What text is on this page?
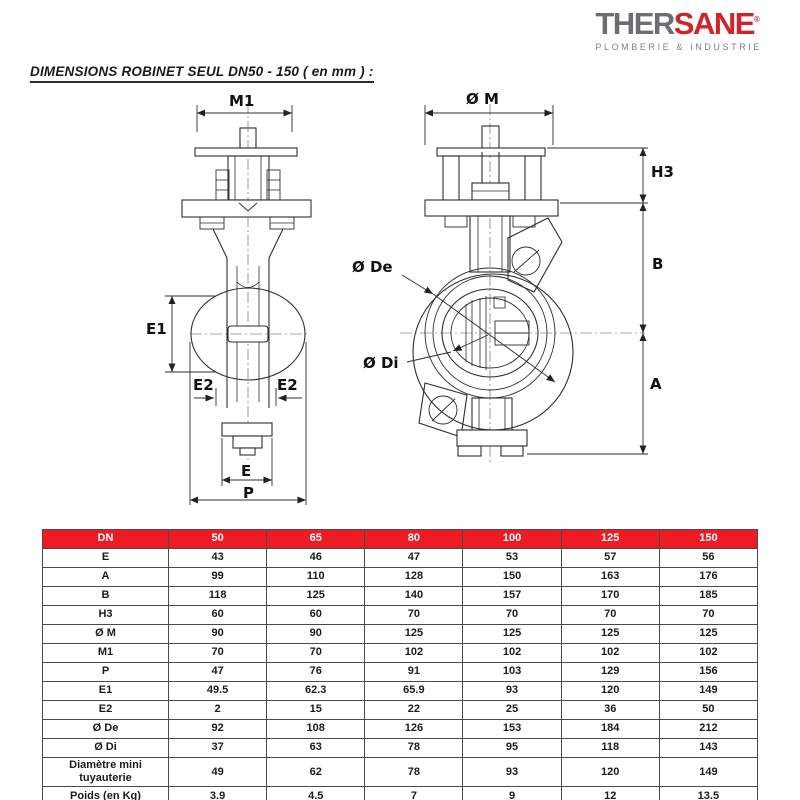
THERSANE®
PLOMBERIE & INDUSTRIE
DIMENSIONS ROBINET SEUL DN50 - 150 ( en mm ) :
M1	Ø M
H3
B
A
Ø De
Ø Di
E1
E2	E2
E
P
DN	50	65	80	100	125	150
E	43	46	47	53	57	56
A	99	110	128	150	163	176
B	118	125	140	157	170	185
H3	60	60	70	70	70	70
Ø M	90	90	125	125	125	125
M1	70	70	102	102	102	102
P	47	76	91	103	129	156
E1	49.5	62.3	65.9	93	120	149
E2	2	15	22	25	36	50
Ø De	92	108	126	153	184	212
Ø Di	37	63	78	95	118	143
Diamètre mini tuyauterie	49	62	78	93	120	149
Poids (en Kg)	3.9	4.5	7	9	12	13.5
